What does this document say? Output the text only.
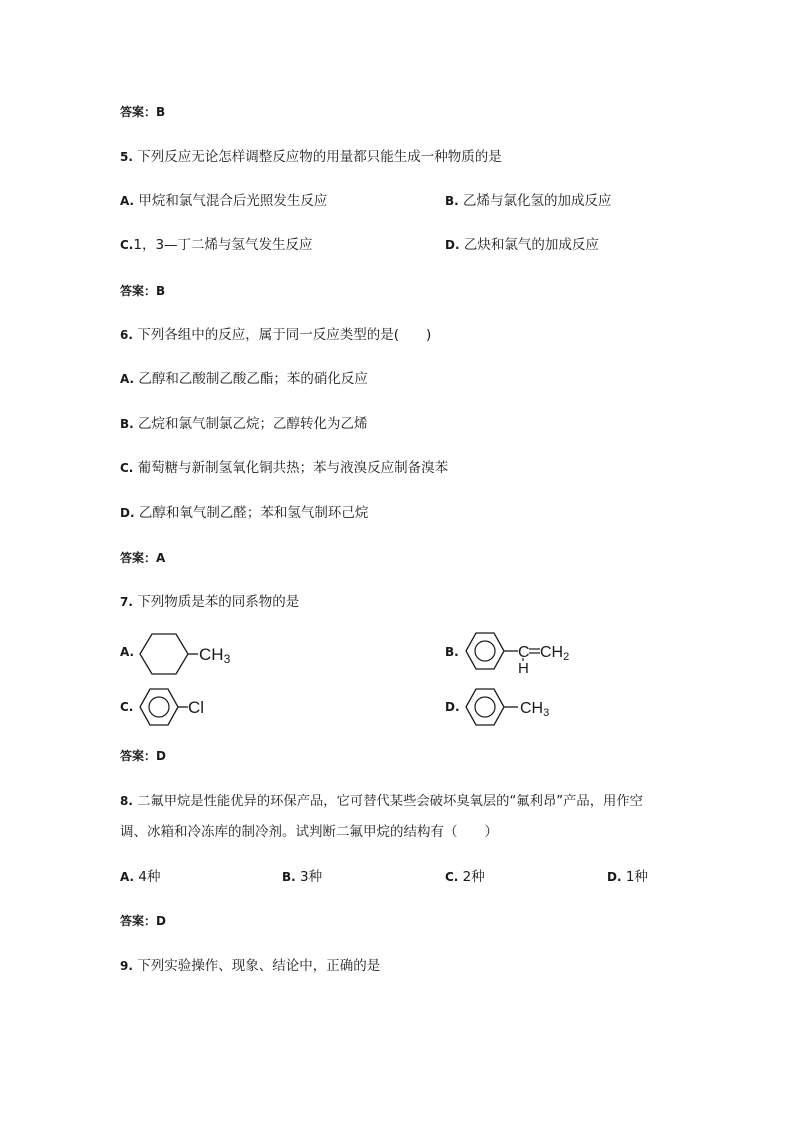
答案：B
5. 下列反应无论怎样调整反应物的用量都只能生成一种物质的是
A. 甲烷和氯气混合后光照发生反应	B. 乙烯与氯化氢的加成反应
C.1，3—丁二烯与氢气发生反应	D. 乙炔和氯气的加成反应
答案：B
6. 下列各组中的反应，属于同一反应类型的是(　　)
A. 乙醇和乙酸制乙酸乙酯；苯的硝化反应
B. 乙烷和氯气制氯乙烷；乙醇转化为乙烯
C. 葡萄糖与新制氢氧化铜共热；苯与液溴反应制备溴苯
D. 乙醇和氧气制乙醛；苯和氢气制环己烷
答案：A
7. 下列物质是苯的同系物的是
A.	CH3	B.	C CH2
H
C.	Cl	D.	CH3
答案：D
8. 二氟甲烷是性能优异的环保产品，它可替代某些会破坏臭氧层的“氟利昂”产品，用作空
调、冰箱和冷冻库的制冷剂。试判断二氟甲烷的结构有（　　）
A. 4种	B. 3种	C. 2种	D. 1种
答案：D
9. 下列实验操作、现象、结论中，正确的是
